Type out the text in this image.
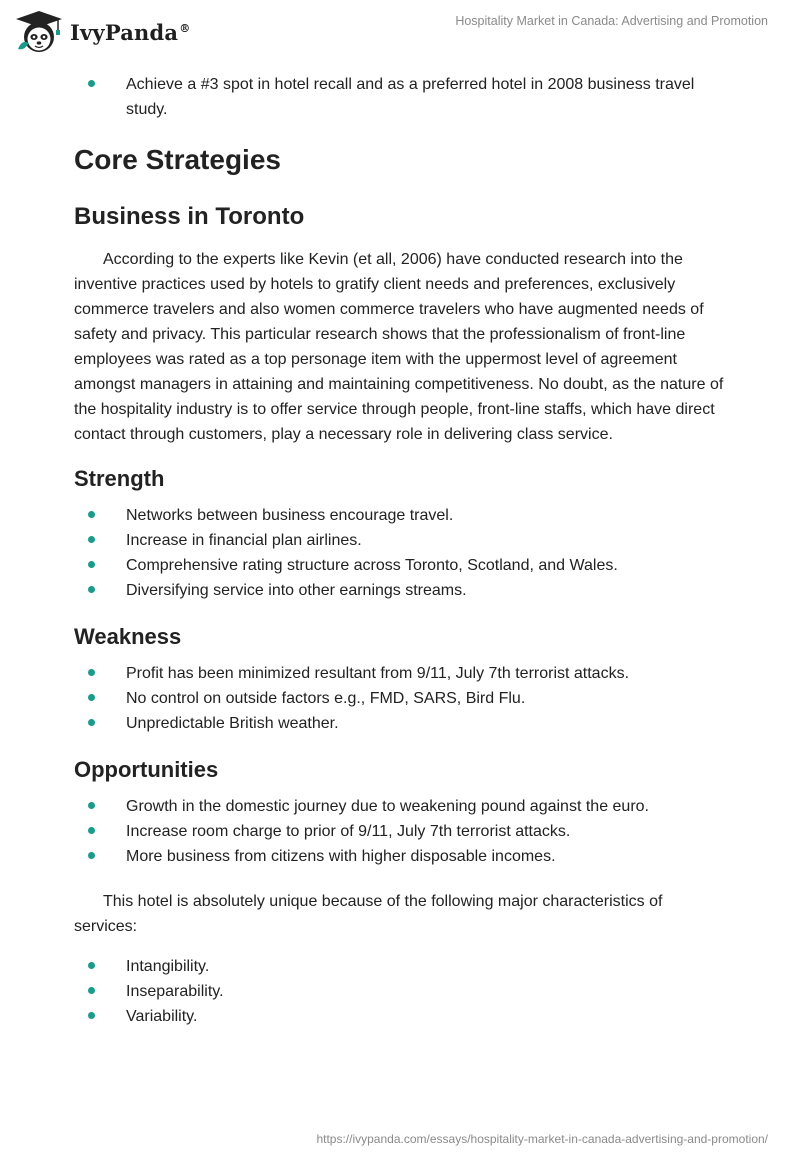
IvyPanda®	Hospitality Market in Canada: Advertising and Promotion
Achieve a #3 spot in hotel recall and as a preferred hotel in 2008 business travel study.
Core Strategies
Business in Toronto

According to the experts like Kevin (et all, 2006) have conducted research into the inventive practices used by hotels to gratify client needs and preferences, exclusively commerce travelers and also women commerce travelers who have augmented needs of safety and privacy. This particular research shows that the professionalism of front-line employees was rated as a top personage item with the uppermost level of agreement amongst managers in attaining and maintaining competitiveness. No doubt, as the nature of the hospitality industry is to offer service through people, front-line staffs, which have direct contact through customers, play a necessary role in delivering class service.

Strength
Networks between business encourage travel.
Increase in financial plan airlines.
Comprehensive rating structure across Toronto, Scotland, and Wales.
Diversifying service into other earnings streams.
Weakness
Profit has been minimized resultant from 9/11, July 7th terrorist attacks.
No control on outside factors e.g., FMD, SARS, Bird Flu.
Unpredictable British weather.
Opportunities
Growth in the domestic journey due to weakening pound against the euro.
Increase room charge to prior of 9/11, July 7th terrorist attacks.
More business from citizens with higher disposable incomes.

This hotel is absolutely unique because of the following major characteristics of services:

Intangibility.
Inseparability.
Variability.
https://ivypanda.com/essays/hospitality-market-in-canada-advertising-and-promotion/
